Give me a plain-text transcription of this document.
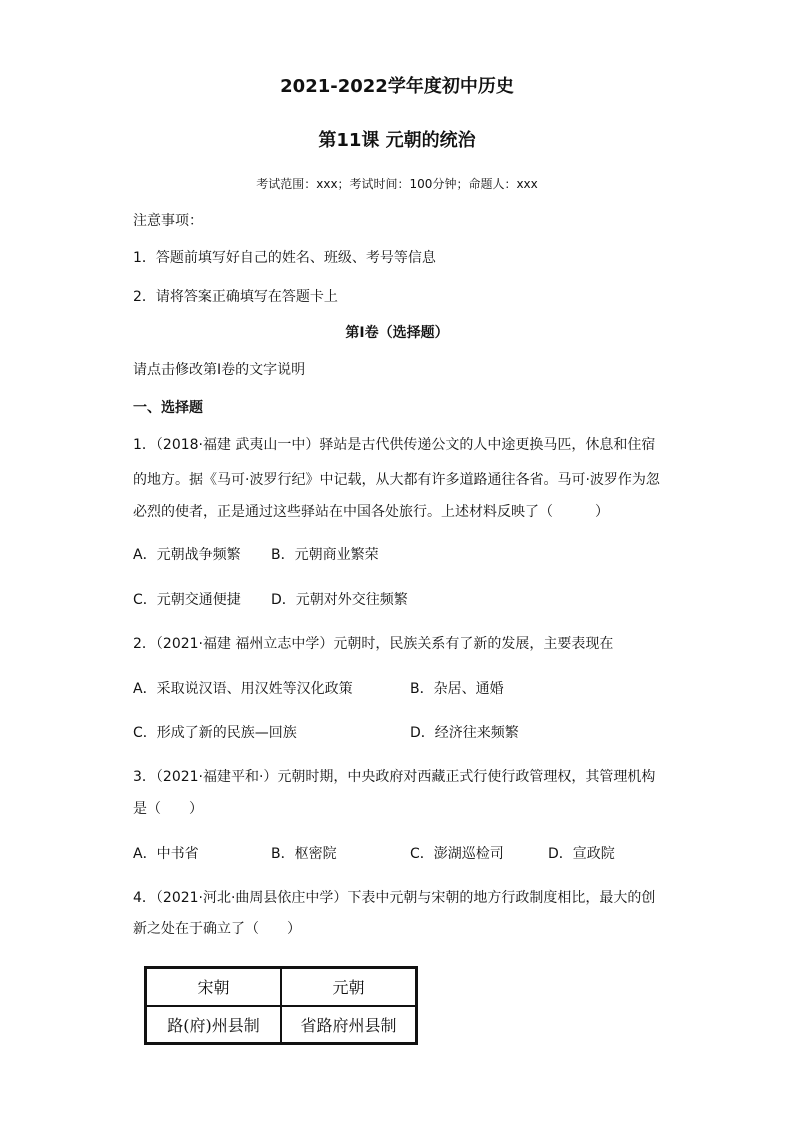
2021-2022学年度初中历史
第11课 元朝的统治
考试范围：xxx；考试时间：100分钟；命题人：xxx
注意事项：
1．答题前填写好自己的姓名、班级、考号等信息
2．请将答案正确填写在答题卡上
第I卷（选择题）
请点击修改第I卷的文字说明
一、选择题
1．（2018·福建 武夷山一中）驿站是古代供传递公文的人中途更换马匹，休息和住宿
的地方。据《马可·波罗行纪》中记载，从大都有许多道路通往各省。马可·波罗作为忽
必烈的使者，正是通过这些驿站在中国各处旅行。上述材料反映了（　　　）
A．元朝战争频繁 B．元朝商业繁荣
C．元朝交通便捷 D．元朝对外交往频繁
2．（2021·福建 福州立志中学）元朝时，民族关系有了新的发展，主要表现在
A．采取说汉语、用汉姓等汉化政策	B．杂居、通婚
C．形成了新的民族—回族	D．经济往来频繁
3．（2021·福建平和·）元朝时期，中央政府对西藏正式行使行政管理权，其管理机构
是（　　）
A．中书省	B．枢密院	C．澎湖巡检司	D．宣政院
4．（2021·河北·曲周县依庄中学）下表中元朝与宋朝的地方行政制度相比，最大的创
新之处在于确立了（　　）
宋朝	元朝
路(府)州县制	省路府州县制
